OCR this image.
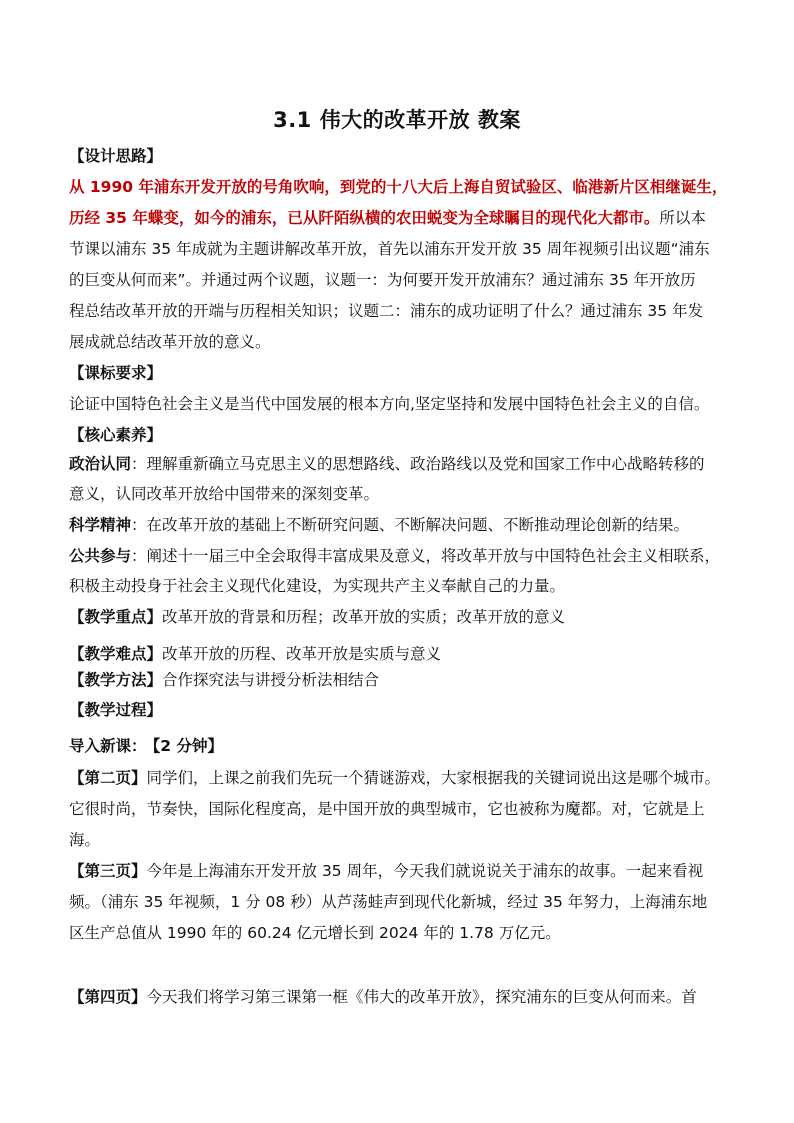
3.1 伟大的改革开放 教案
【设计思路】
从 1990 年浦东开发开放的号角吹响，到党的十八大后上海自贸试验区、临港新片区相继诞生，
历经 35 年蝶变，如今的浦东，已从阡陌纵横的农田蜕变为全球瞩目的现代化大都市。所以本
节课以浦东 35 年成就为主题讲解改革开放，首先以浦东开发开放 35 周年视频引出议题“浦东
的巨变从何而来”。并通过两个议题，议题一：为何要开发开放浦东？通过浦东 35 年开放历
程总结改革开放的开端与历程相关知识；议题二：浦东的成功证明了什么？通过浦东 35 年发
展成就总结改革开放的意义。
【课标要求】
论证中国特色社会主义是当代中国发展的根本方向,坚定坚持和发展中国特色社会主义的自信。
【核心素养】
政治认同：理解重新确立马克思主义的思想路线、政治路线以及党和国家工作中心战略转移的
意义，认同改革开放给中国带来的深刻变革。
科学精神：在改革开放的基础上不断研究问题、不断解决问题、不断推动理论创新的结果。
公共参与：阐述十一届三中全会取得丰富成果及意义，将改革开放与中国特色社会主义相联系，
积极主动投身于社会主义现代化建设，为实现共产主义奉献自己的力量。
【教学重点】改革开放的背景和历程；改革开放的实质；改革开放的意义
【教学难点】改革开放的历程、改革开放是实质与意义
【教学方法】合作探究法与讲授分析法相结合
【教学过程】
导入新课： 【2 分钟】
【第二页】同学们，上课之前我们先玩一个猜谜游戏，大家根据我的关键词说出这是哪个城市。
它很时尚，节奏快，国际化程度高，是中国开放的典型城市，它也被称为魔都。对，它就是上
海。
【第三页】今年是上海浦东开发开放 35 周年，今天我们就说说关于浦东的故事。一起来看视
频。（浦东 35 年视频，1 分 08 秒）从芦荡蛙声到现代化新城，经过 35 年努力，上海浦东地
区生产总值从 1990 年的 60.24 亿元增长到 2024 年的 1.78 万亿元。
【第四页】今天我们将学习第三课第一框《伟大的改革开放》，探究浦东的巨变从何而来。首
